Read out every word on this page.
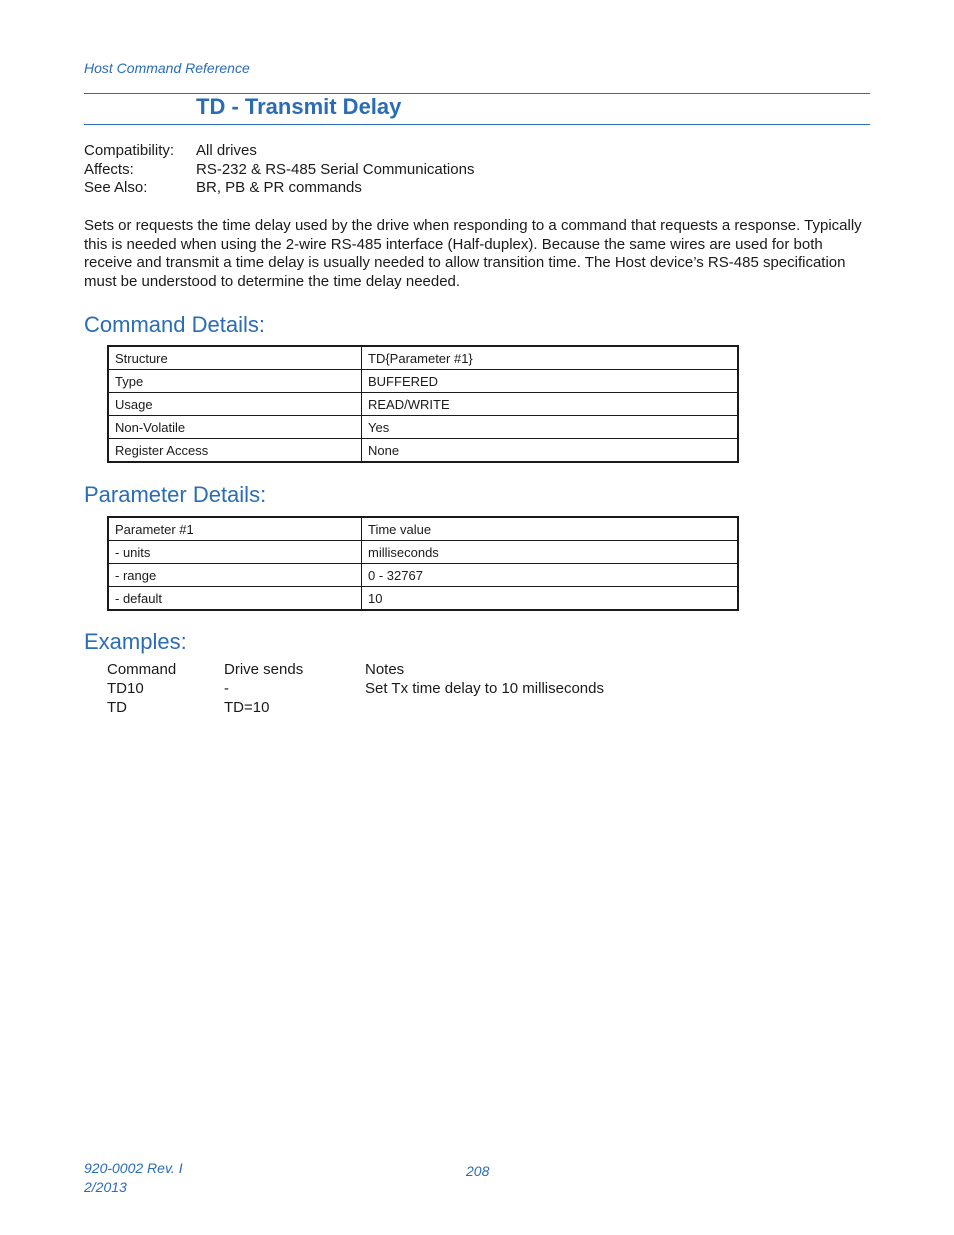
Host Command Reference
TD - Transmit Delay
Compatibility:	All drives
Affects:	RS-232 & RS-485 Serial Communications
See Also:	BR, PB & PR commands

Sets or requests the time delay used by the drive when responding to a command that requests a response. Typically this is needed when using the 2-wire RS-485 interface (Half-duplex). Because the same wires are used for both receive and transmit a time delay is usually needed to allow transition time. The Host device’s RS-485 specification must be understood to determine the time delay needed.

Command Details:
Structure	TD{Parameter #1}
Type	BUFFERED
Usage	READ/WRITE
Non-Volatile	Yes
Register Access	None
Parameter Details:
Parameter #1	Time value
- units	milliseconds
- range	0 - 32767
- default	10
Examples:
Command	Drive sends	Notes
TD10	-	Set Tx time delay to 10 milliseconds
TD	TD=10
920-0002 Rev. I
2/2013
208
